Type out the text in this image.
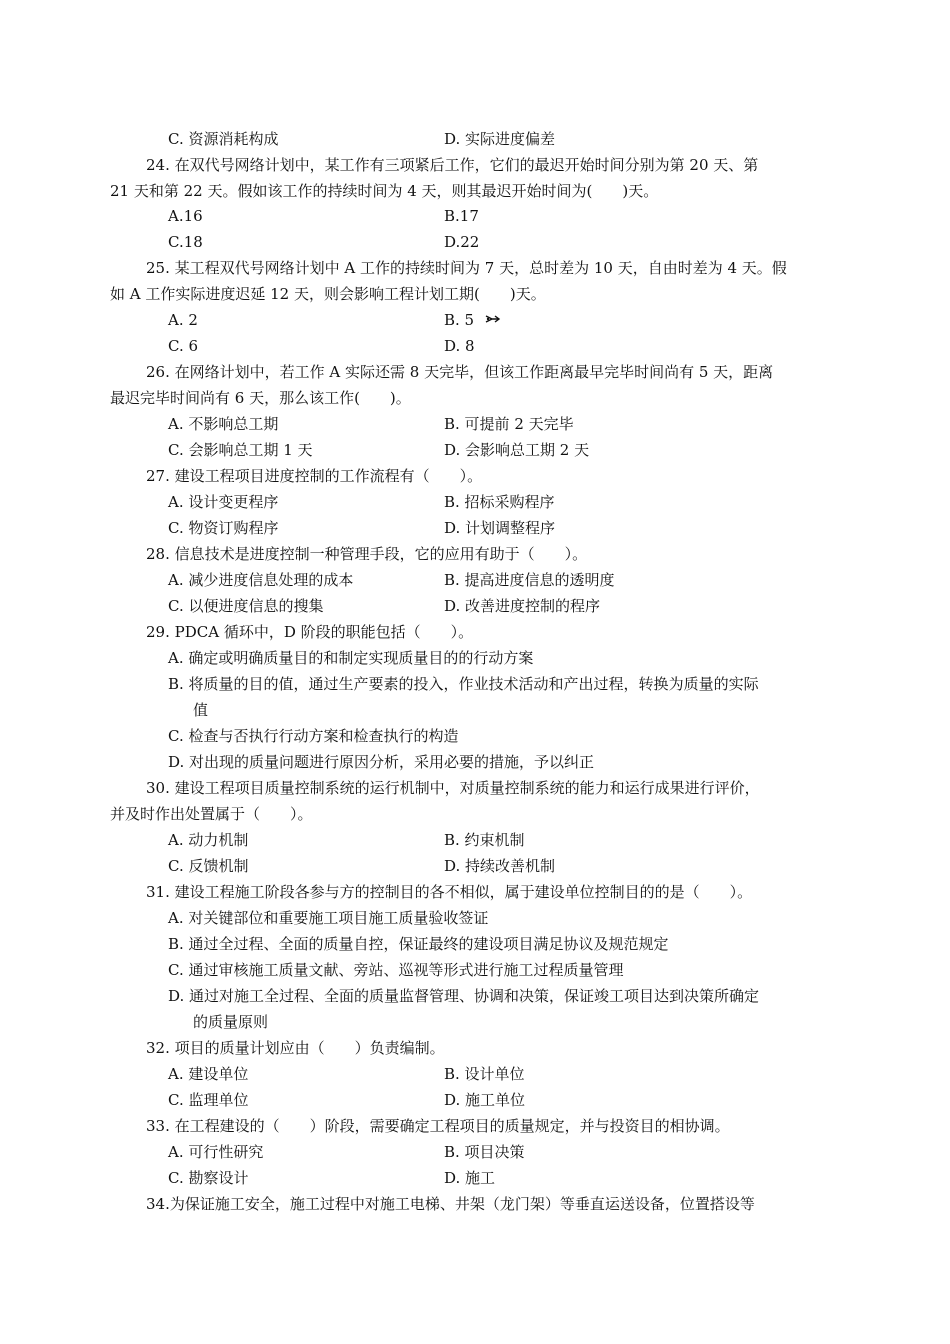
C. 资源消耗构成	D. 实际进度偏差
24. 在双代号网络计划中，某工作有三项紧后工作，它们的最迟开始时间分别为第 20 天、第
21 天和第 22 天。假如该工作的持续时间为 4 天，则其最迟开始时间为(　　)天。
A.16	B.17
C.18	D.22
25. 某工程双代号网络计划中 A 工作的持续时间为 7 天，总时差为 10 天，自由时差为 4 天。假
如 A 工作实际进度迟延 12 天，则会影响工程计划工期(　　)天。
A. 2	B. 5
C. 6	D. 8
26. 在网络计划中，若工作 A 实际还需 8 天完毕，但该工作距离最早完毕时间尚有 5 天，距离
最迟完毕时间尚有 6 天，那么该工作(　　)。
A. 不影响总工期	B. 可提前 2 天完毕
C. 会影响总工期 1 天	D. 会影响总工期 2 天
27. 建设工程项目进度控制的工作流程有（　　）。
A. 设计变更程序	B. 招标采购程序
C. 物资订购程序	D. 计划调整程序
28. 信息技术是进度控制一种管理手段，它的应用有助于（　　）。
A. 减少进度信息处理的成本	B. 提高进度信息的透明度
C. 以便进度信息的搜集	D. 改善进度控制的程序
29. PDCA 循环中，D 阶段的职能包括（　　）。
A. 确定或明确质量目的和制定实现质量目的的行动方案
B. 将质量的目的值，通过生产要素的投入，作业技术活动和产出过程，转换为质量的实际
值
C. 检查与否执行行动方案和检查执行的构造
D. 对出现的质量问题进行原因分析，采用必要的措施，予以纠正
30. 建设工程项目质量控制系统的运行机制中，对质量控制系统的能力和运行成果进行评价，
并及时作出处置属于（　　）。
A. 动力机制	B. 约束机制
C. 反馈机制	D. 持续改善机制
31. 建设工程施工阶段各参与方的控制目的各不相似，属于建设单位控制目的的是（　　）。
A. 对关键部位和重要施工项目施工质量验收签证
B. 通过全过程、全面的质量自控，保证最终的建设项目满足协议及规范规定
C. 通过审核施工质量文献、旁站、巡视等形式进行施工过程质量管理
D. 通过对施工全过程、全面的质量监督管理、协调和决策，保证竣工项目达到决策所确定
的质量原则
32. 项目的质量计划应由（　　）负责编制。
A. 建设单位	B. 设计单位
C. 监理单位	D. 施工单位
33. 在工程建设的（　　）阶段，需要确定工程项目的质量规定，并与投资目的相协调。
A. 可行性研究	B. 项目决策
C. 勘察设计	D. 施工
34.为保证施工安全，施工过程中对施工电梯、井架（龙门架）等垂直运送设备，位置搭设等
